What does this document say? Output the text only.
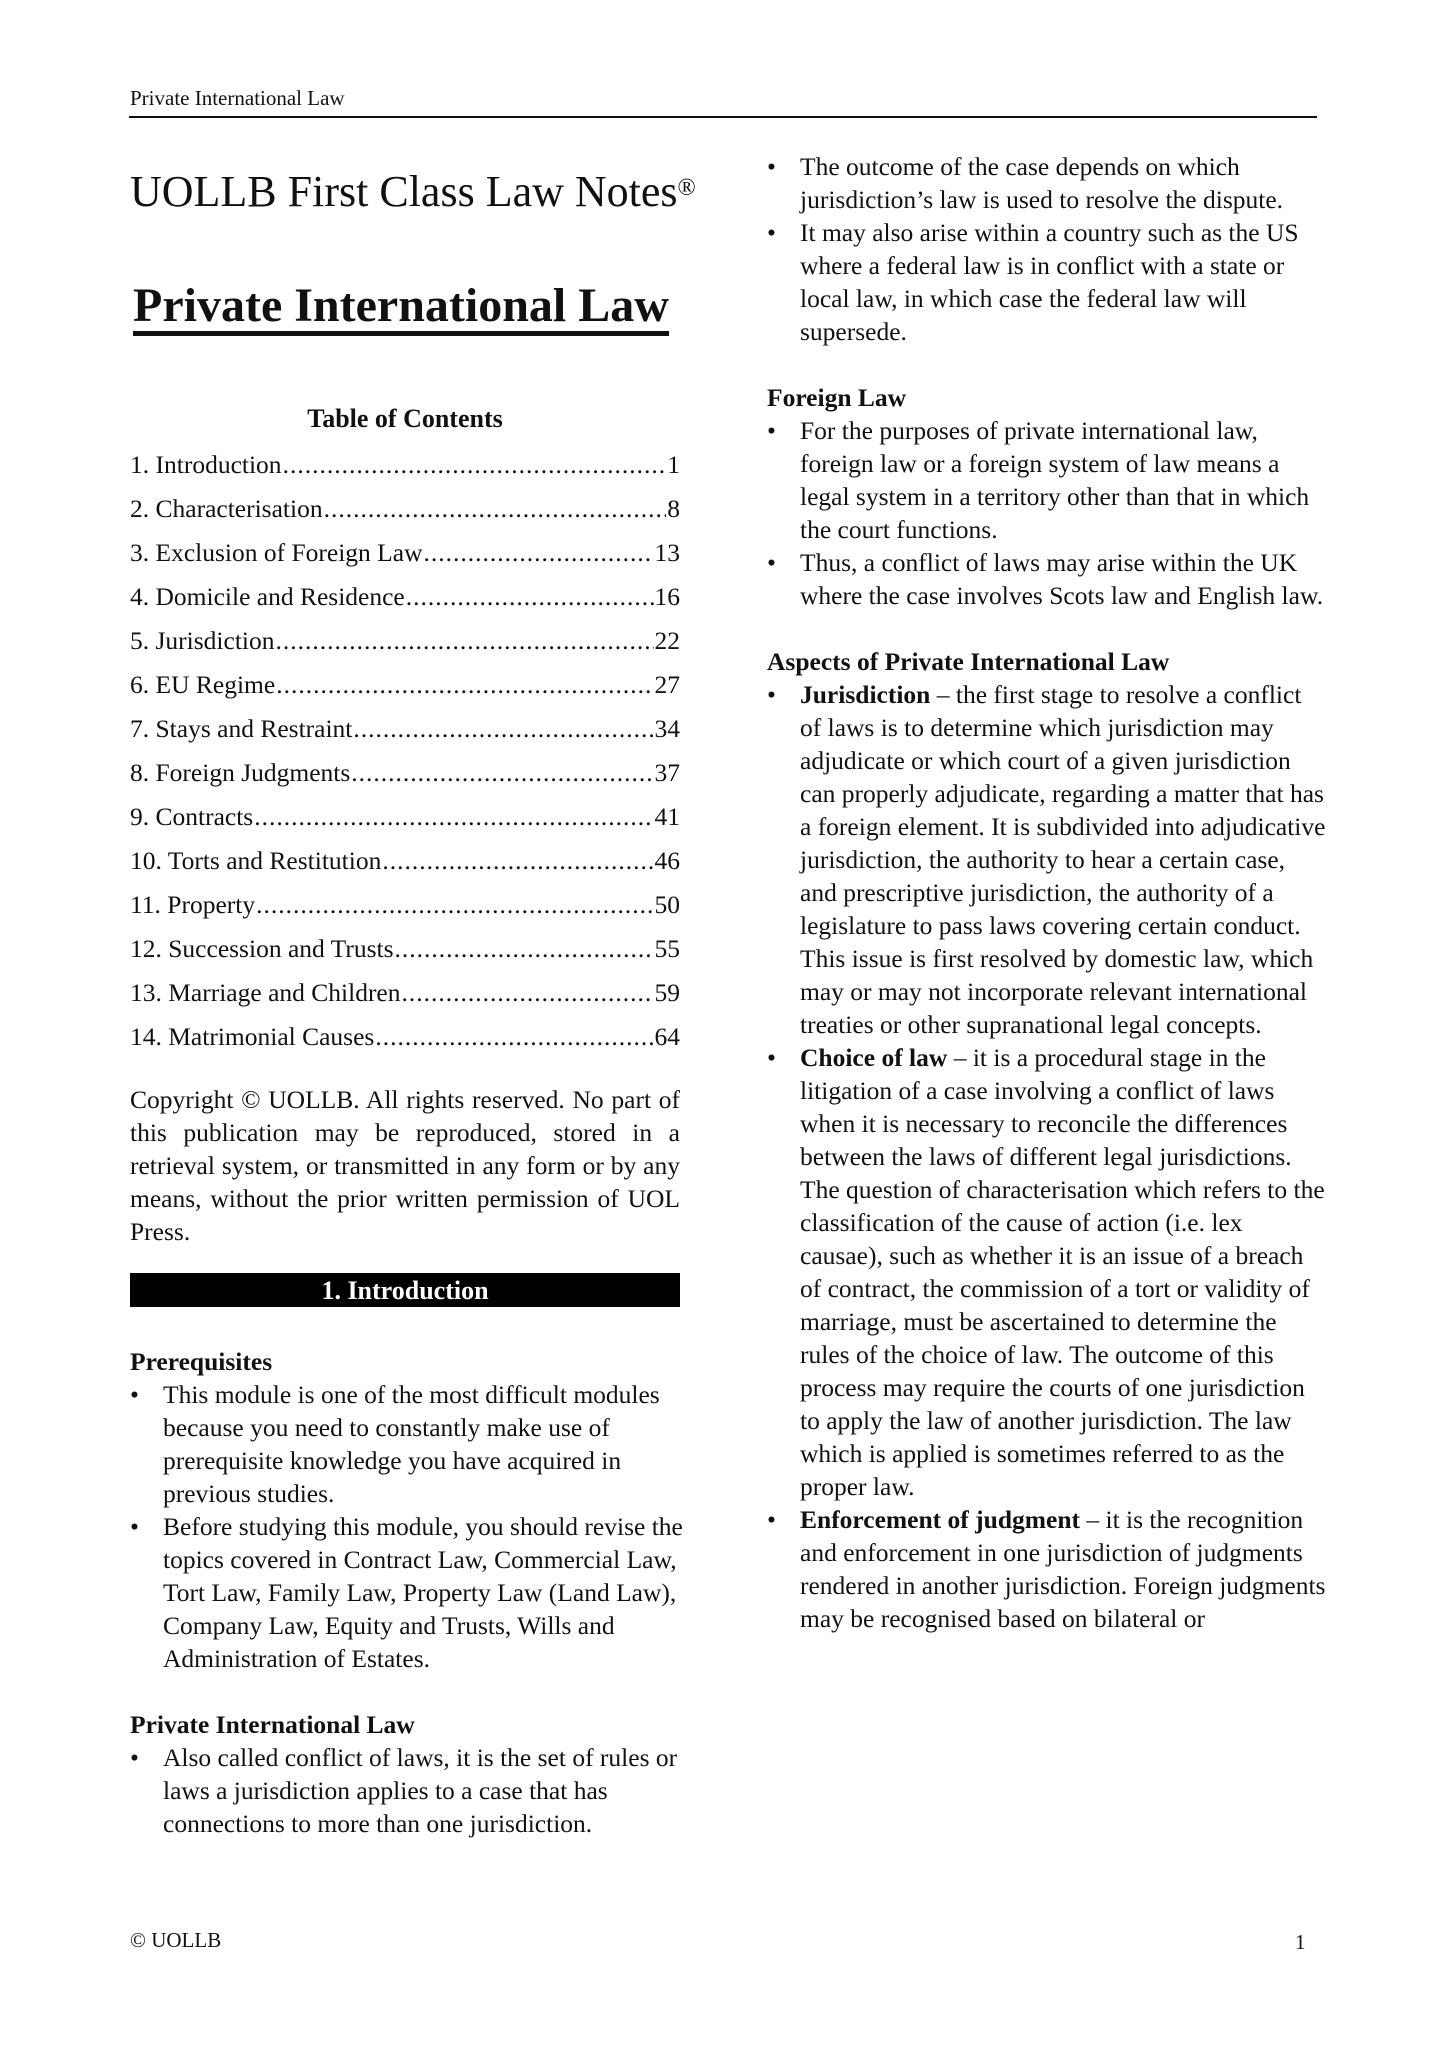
Private International Law
UOLLB First Class Law Notes®
Private International Law
Table of Contents
1. Introduction .....	1
2. Characterisation .....	8
3. Exclusion of Foreign Law .....	13
4. Domicile and Residence .....	16
5. Jurisdiction .....	22
6. EU Regime .....	27
7. Stays and Restraint .....	34
8. Foreign Judgments .....	37
9. Contracts .....	41
10. Torts and Restitution .....	46
11. Property .....	50
12. Succession and Trusts .....	55
13. Marriage and Children .....	59
14. Matrimonial Causes .....	64
Copyright © UOLLB. All rights reserved. No part of this publication may be reproduced, stored in a retrieval system, or transmitted in any form or by any means, without the prior written permission of UOL Press.
1. Introduction
Prerequisites
• This module is one of the most difficult modules because you need to constantly make use of prerequisite knowledge you have acquired in previous studies.
• Before studying this module, you should revise the topics covered in Contract Law, Commercial Law, Tort Law, Family Law, Property Law (Land Law), Company Law, Equity and Trusts, Wills and Administration of Estates.
Private International Law
• Also called conflict of laws, it is the set of rules or laws a jurisdiction applies to a case that has connections to more than one jurisdiction.
• The outcome of the case depends on which jurisdiction’s law is used to resolve the dispute.
• It may also arise within a country such as the US where a federal law is in conflict with a state or local law, in which case the federal law will supersede.
Foreign Law
• For the purposes of private international law, foreign law or a foreign system of law means a legal system in a territory other than that in which the court functions.
• Thus, a conflict of laws may arise within the UK where the case involves Scots law and English law.
Aspects of Private International Law
• Jurisdiction – the first stage to resolve a conflict of laws is to determine which jurisdiction may adjudicate or which court of a given jurisdiction can properly adjudicate, regarding a matter that has a foreign element. It is subdivided into adjudicative jurisdiction, the authority to hear a certain case, and prescriptive jurisdiction, the authority of a legislature to pass laws covering certain conduct. This issue is first resolved by domestic law, which may or may not incorporate relevant international treaties or other supranational legal concepts.
• Choice of law – it is a procedural stage in the litigation of a case involving a conflict of laws when it is necessary to reconcile the differences between the laws of different legal jurisdictions. The question of characterisation which refers to the classification of the cause of action (i.e. lex causae), such as whether it is an issue of a breach of contract, the commission of a tort or validity of marriage, must be ascertained to determine the rules of the choice of law. The outcome of this process may require the courts of one jurisdiction to apply the law of another jurisdiction. The law which is applied is sometimes referred to as the proper law.
• Enforcement of judgment – it is the recognition and enforcement in one jurisdiction of judgments rendered in another jurisdiction. Foreign judgments may be recognised based on bilateral or
© UOLLB	1
